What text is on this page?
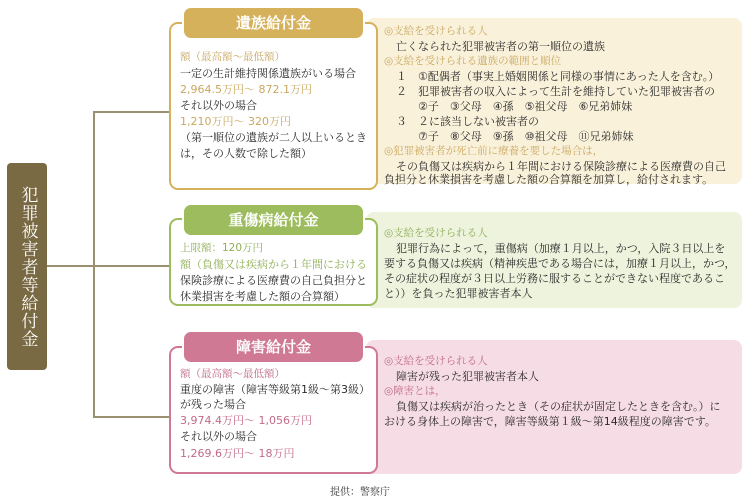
犯罪被害者等給付金
遺族給付金
額（最高額～最低額）
一定の生計維持関係遺族がいる場合
2,964.5万円～ 872.1万円
それ以外の場合
1,210万円～ 320万円
（第一順位の遺族が二人以上いるとき
は，その人数で除した額）
◎支給を受けられる人
亡くなられた犯罪被害者の第一順位の遺族
◎支給を受けられる遺族の範囲と順位
１　①配偶者（事実上婚姻関係と同様の事情にあった人を含む。）
２　犯罪被害者の収入によって生計を維持していた犯罪被害者の
②子　③父母　④孫　⑤祖父母　⑥兄弟姉妹
３　２に該当しない被害者の
⑦子　⑧父母　⑨孫　⑩祖父母　⑪兄弟姉妹
◎犯罪被害者が死亡前に療養を要した場合は，
その負傷又は疾病から１年間における保険診療による医療費の自己
負担分と休業損害を考慮した額の合算額を加算し，給付されます。
重傷病給付金
上限額：120万円
額（負傷又は疾病から１年間における
保険診療による医療費の自己負担分と
休業損害を考慮した額の合算額）
◎支給を受けられる人
犯罪行為によって，重傷病（加療１月以上，かつ，入院３日以上を
要する負傷又は疾病（精神疾患である場合には，加療１月以上，かつ，
その症状の程度が３日以上労務に服することができない程度であるこ
と））を負った犯罪被害者本人
障害給付金
額（最高額～最低額）
重度の障害（障害等級第1級～第3級）
が残った場合
3,974.4万円～ 1,056万円
それ以外の場合
1,269.6万円～ 18万円
◎支給を受けられる人
障害が残った犯罪被害者本人
◎障害とは，
負傷又は疾病が治ったとき（その症状が固定したときを含む。）に
おける身体上の障害で，障害等級第１級～第14級程度の障害です。
提供：警察庁
